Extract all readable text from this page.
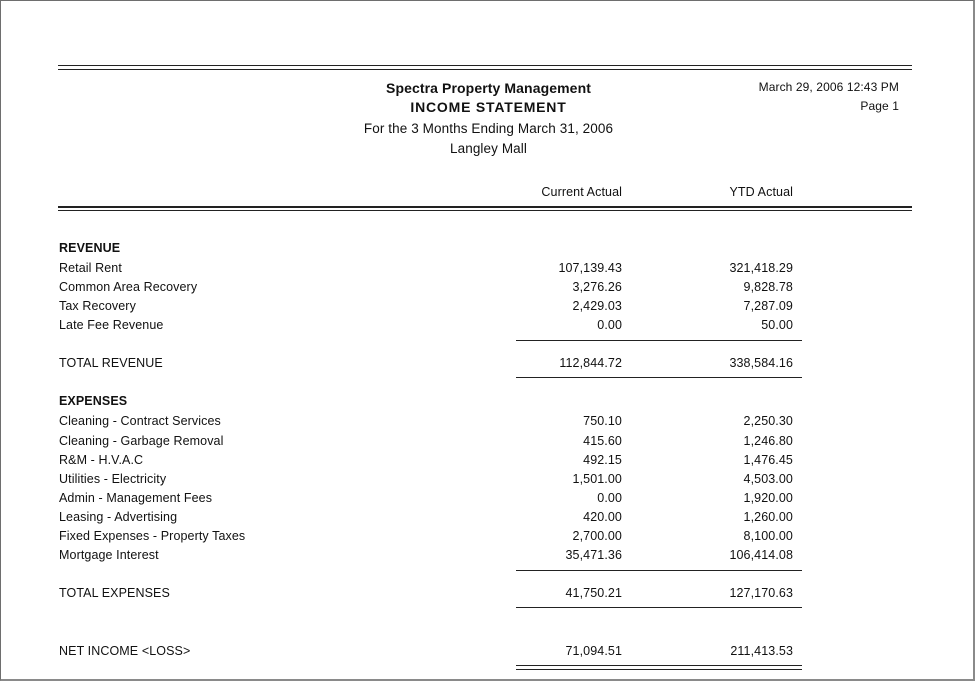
Spectra Property Management
INCOME STATEMENT
For the 3 Months Ending March 31, 2006
Langley Mall
March 29, 2006 12:43 PM
Page 1
Current Actual	YTD Actual
REVENUE
Retail Rent	107,139.43	321,418.29
Common Area Recovery	3,276.26	9,828.78
Tax Recovery	2,429.03	7,287.09
Late Fee Revenue	0.00	50.00
TOTAL REVENUE	112,844.72	338,584.16
EXPENSES
Cleaning - Contract Services	750.10	2,250.30
Cleaning - Garbage Removal	415.60	1,246.80
R&M - H.V.A.C	492.15	1,476.45
Utilities - Electricity	1,501.00	4,503.00
Admin - Management Fees	0.00	1,920.00
Leasing - Advertising	420.00	1,260.00
Fixed Expenses - Property Taxes	2,700.00	8,100.00
Mortgage Interest	35,471.36	106,414.08
TOTAL EXPENSES	41,750.21	127,170.63
NET INCOME <LOSS>	71,094.51	211,413.53
